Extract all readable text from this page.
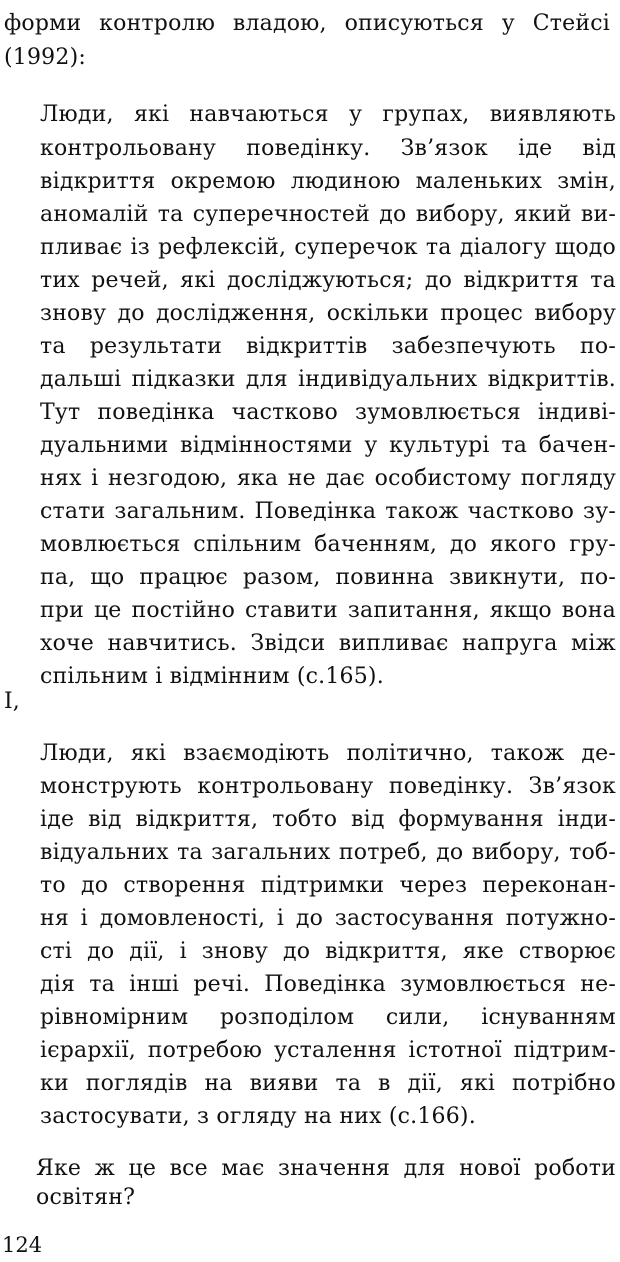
форми контролю владою, описуються у Стейсі
(1992):
Люди, які навчаються у групах, виявляють
контрольовану поведінку. Зв’язок іде від
відкриття окремою людиною маленьких змін,
аномалій та суперечностей до вибору, який ви-
пливає із рефлексій, суперечок та діалогу щодо
тих речей, які досліджуються; до відкриття та
знову до дослідження, оскільки процес вибору
та результати відкриттів забезпечують по-
дальші підказки для індивідуальних відкриттів.
Тут поведінка частково зумовлюється індиві-
дуальними відмінностями у культурі та бачен-
нях і незгодою, яка не дає особистому погляду
стати загальним. Поведінка також частково зу-
мовлюється спільним баченням, до якого гру-
па, що працює разом, повинна звикнути, по-
при це постійно ставити запитання, якщо вона
хоче навчитись. Звідси випливає напруга між
спільним і відмінним (с.165).
І,
Люди, які взаємодіють політично, також де-
монструють контрольовану поведінку. Зв’язок
іде від відкриття, тобто від формування інди-
відуальних та загальних потреб, до вибору, тоб-
то до створення підтримки через переконан-
ня і домовленості, і до застосування потужно-
сті до дії, і знову до відкриття, яке створює
дія та інші речі. Поведінка зумовлюється не-
рівномірним розподілом сили, існуванням
ієрархії, потребою усталення істотної підтрим-
ки поглядів на вияви та в дії, які потрібно
застосувати, з огляду на них (с.166).
Яке ж це все має значення для нової роботи
освітян?
124
